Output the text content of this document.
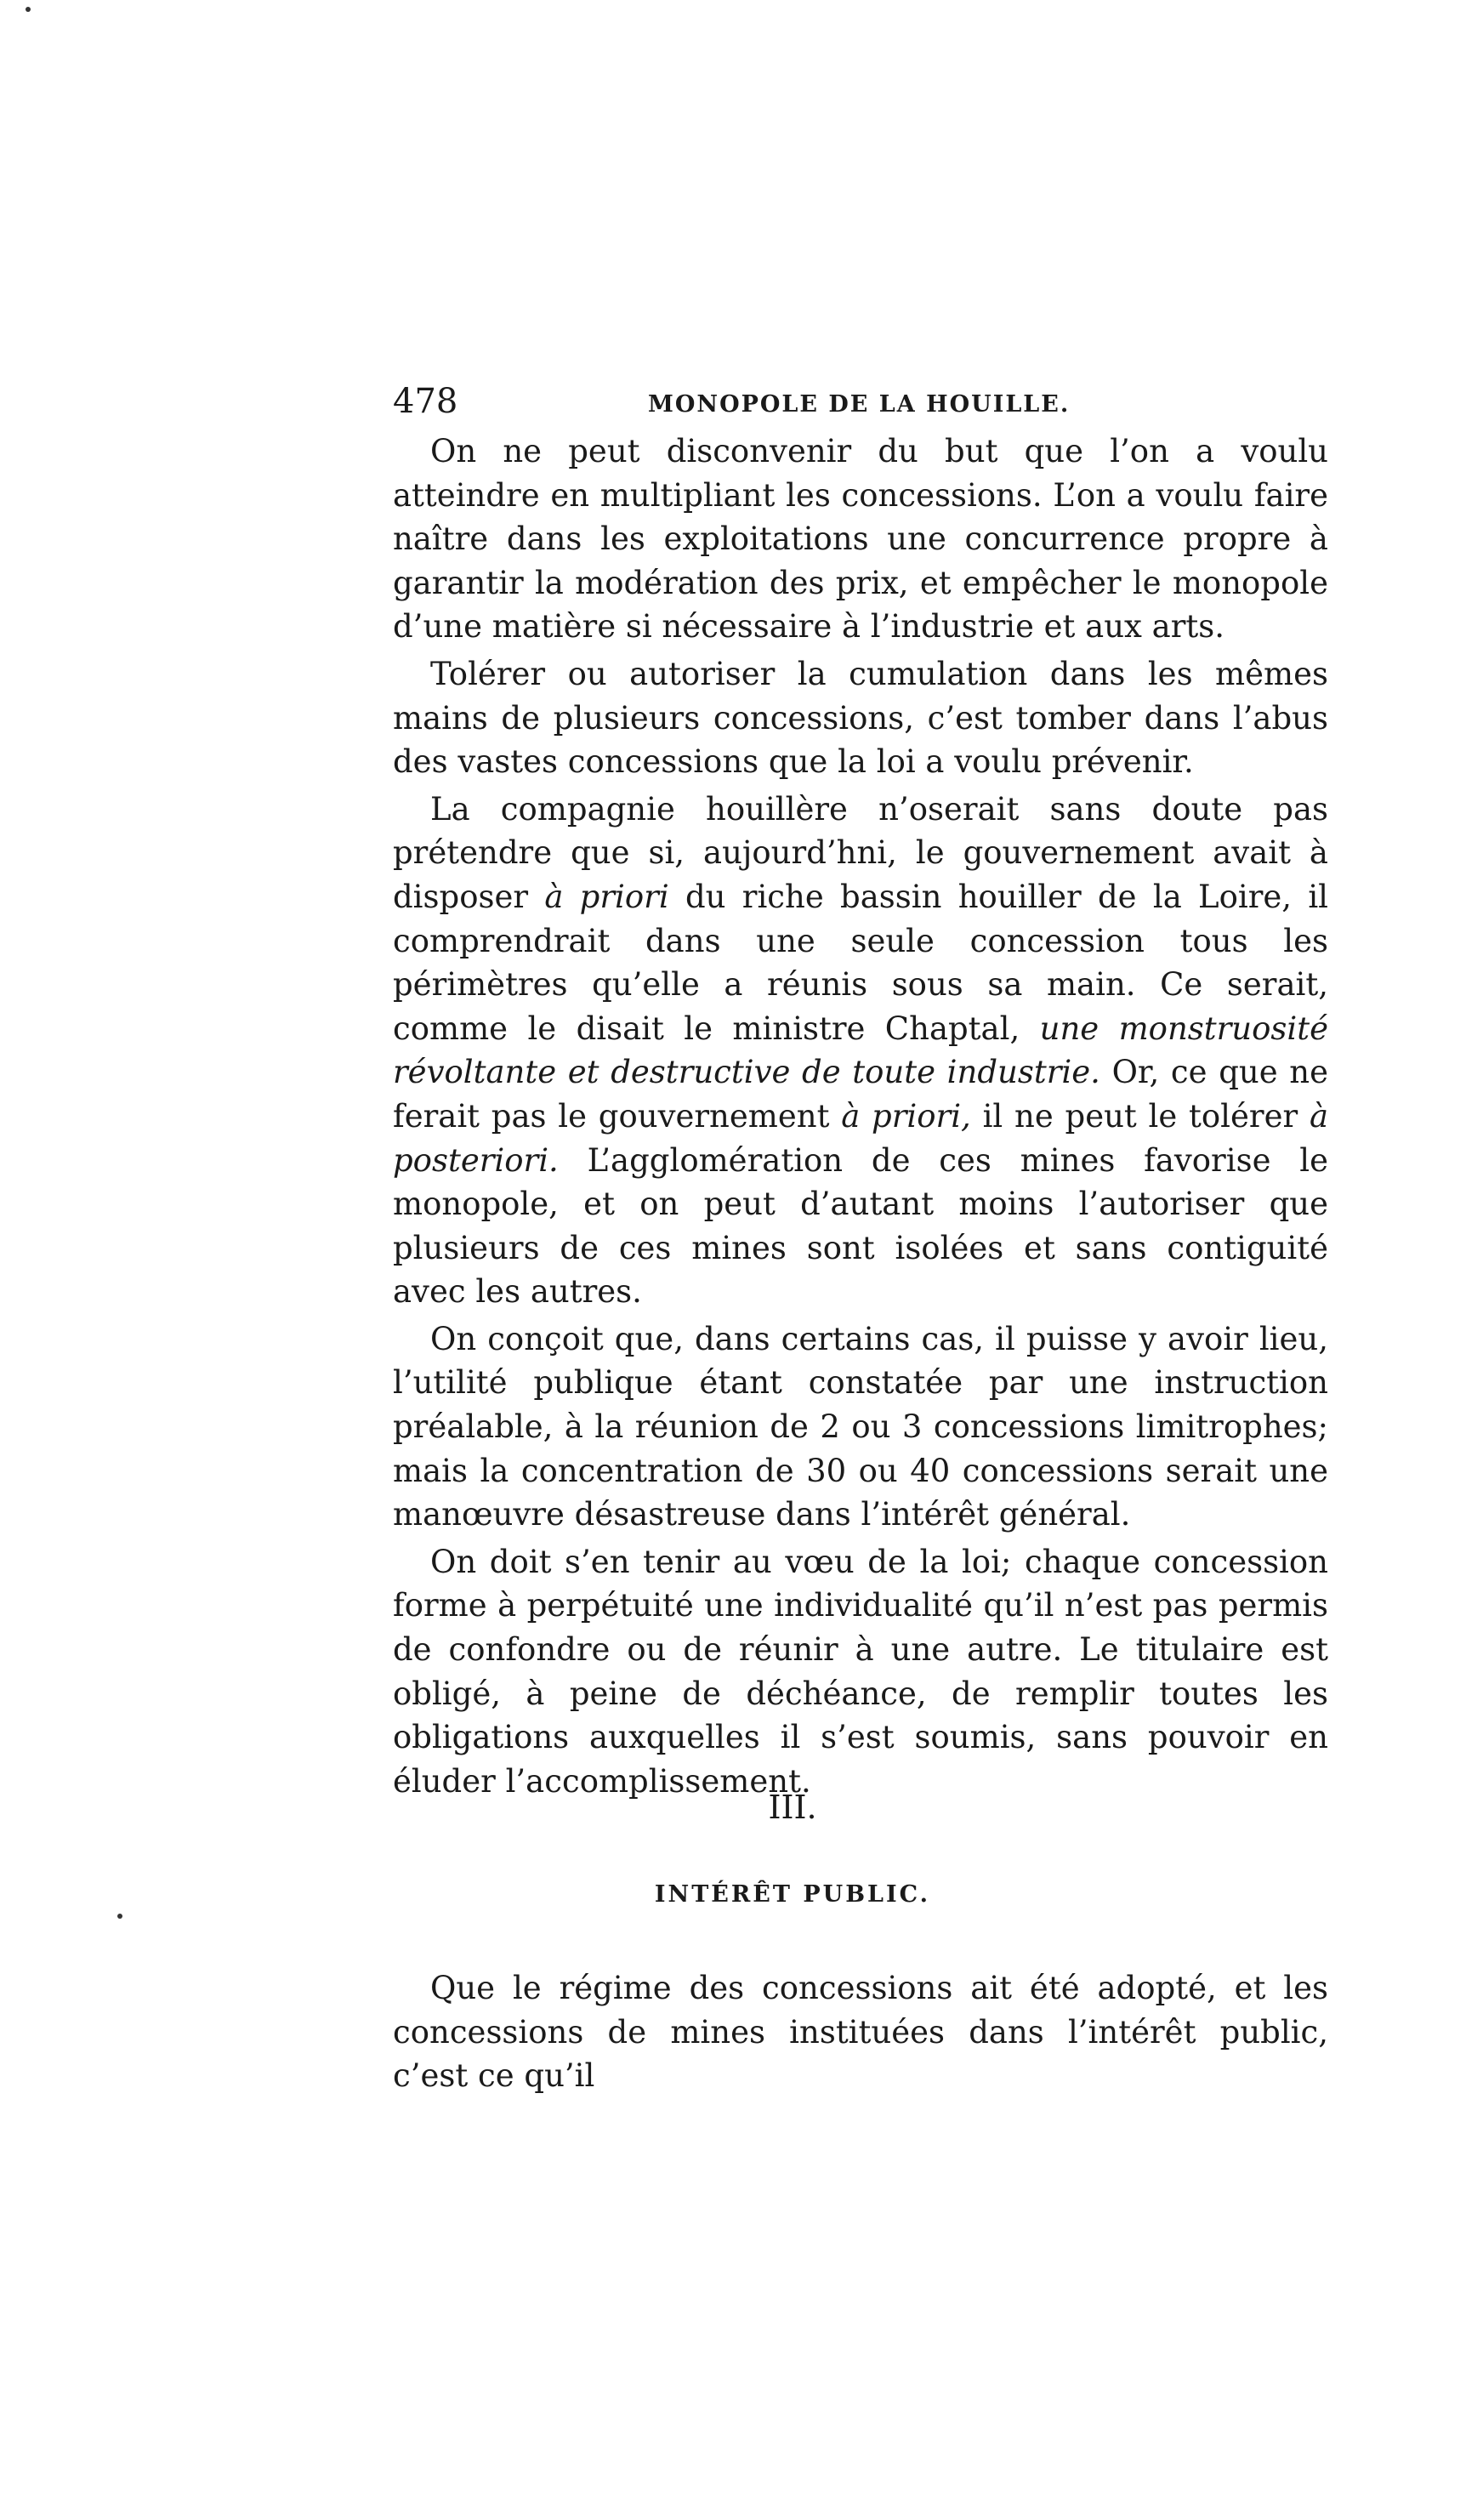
478	MONOPOLE DE LA HOUILLE.

On ne peut disconvenir du but que l’on a voulu atteindre en multipliant les concessions. L’on a voulu faire naître dans les exploitations une concurrence propre à garantir la modération des prix, et empêcher le monopole d’une matière si nécessaire à l’industrie et aux arts.

Tolérer ou autoriser la cumulation dans les mêmes mains de plusieurs concessions, c’est tomber dans l’abus des vastes concessions que la loi a voulu prévenir.

La compagnie houillère n’oserait sans doute pas prétendre que si, aujourd’hni, le gouvernement avait à disposer à priori du riche bassin houiller de la Loire, il comprendrait dans une seule concession tous les périmètres qu’elle a réunis sous sa main. Ce serait, comme le disait le ministre Chaptal, une monstruosité révoltante et destructive de toute industrie. Or, ce que ne ferait pas le gouvernement à priori, il ne peut le tolérer à posteriori. L’agglomération de ces mines favorise le monopole, et on peut d’autant moins l’autoriser que plusieurs de ces mines sont isolées et sans contiguité avec les autres.

On conçoit que, dans certains cas, il puisse y avoir lieu, l’utilité publique étant constatée par une instruction préalable, à la réunion de 2 ou 3 concessions limitrophes; mais la concentration de 30 ou 40 concessions serait une manœuvre désastreuse dans l’intérêt général.

On doit s’en tenir au vœu de la loi; chaque concession forme à perpétuité une individualité qu’il n’est pas permis de confondre ou de réunir à une autre. Le titulaire est obligé, à peine de déchéance, de remplir toutes les obligations auxquelles il s’est soumis, sans pouvoir en éluder l’accomplissement.

III.
INTÉRÊT PUBLIC.

Que le régime des concessions ait été adopté, et les concessions de mines instituées dans l’intérêt public, c’est ce qu’il
